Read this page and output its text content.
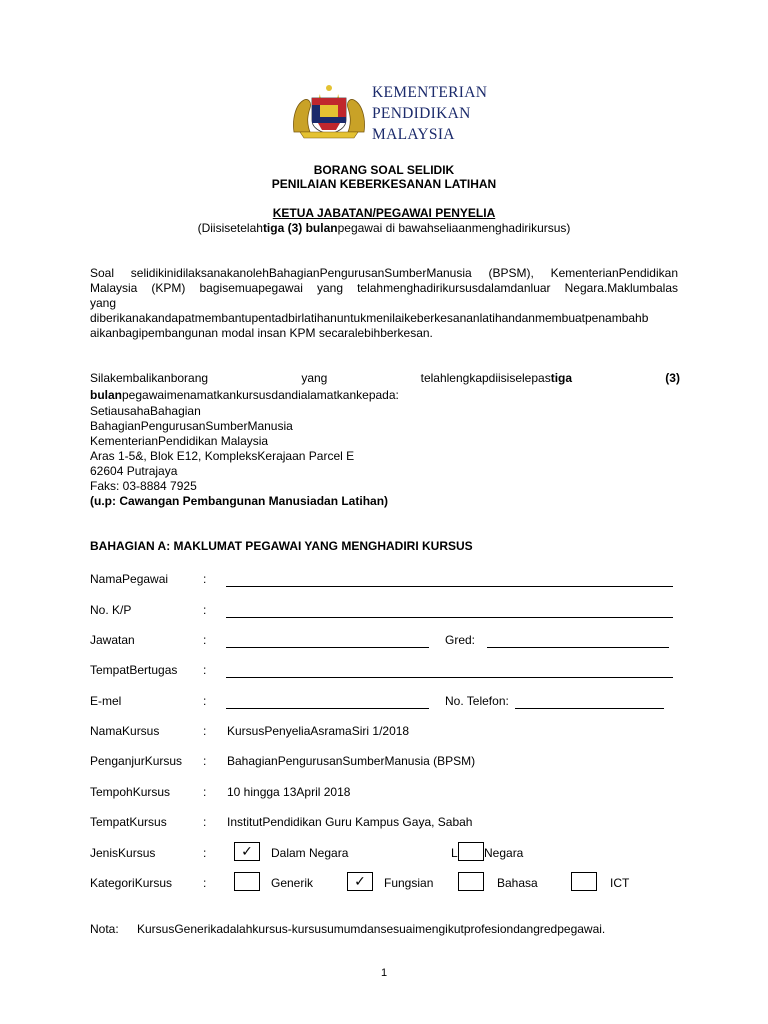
KEMENTERIAN
PENDIDIKAN
MALAYSIA
BORANG SOAL SELIDIK
PENILAIAN KEBERKESANAN LATIHAN
KETUA JABATAN/PEGAWAI PENYELIA
(Diisisetelahtiga (3) bulanpegawai di bawahseliaanmenghadirikursus)
Soal selidikinidilaksanakanolehBahagianPengurusanSumberManusia (BPSM), KementerianPendidikan
Malaysia (KPM) bagisemuapegawai yang telahmenghadirikursusdalamdanluar Negara.Maklumbalas
yang
diberikanakandapatmembantupentadbirlatihanuntukmenilaikeberkesananlatihandanmembuatpenambahb
aikanbagipembangunan modal insan KPM secaralebihberkesan.
Silakembalikanborang	yang	telahlengkapdiisiselepastiga	(3)
bulanpegawaimenamatkankursusdandialamatkankepada:
SetiausahaBahagian
BahagianPengurusanSumberManusia
KementerianPendidikan Malaysia
Aras 1-5&, Blok E12, KompleksKerajaan Parcel E
62604 Putrajaya
Faks: 03-8884 7925
(u.p: Cawangan Pembangunan Manusiadan Latihan)
BAHAGIAN A: MAKLUMAT PEGAWAI YANG MENGHADIRI KURSUS
NamaPegawai	:
No. K/P	:
Jawatan	:	Gred:
TempatBertugas :
E-mel	:	No. Telefon:
NamaKursus	: KursusPenyeliaAsramaSiri 1/2018
PenganjurKursus : BahagianPengurusanSumberManusia (BPSM)
TempohKursus	: 10 hingga 13April 2018
TempatKursus	: InstitutPendidikan Guru Kampus Gaya, Sabah
JenisKursus	: ✓ Dalam Negara	L Negara
KategoriKursus	:	Generik	✓ Fungsian	Bahasa	ICT
Nota: KursusGenerikadalahkursus-kursusumumdansesuaimengikutprofesiondangredpegawai.
1
